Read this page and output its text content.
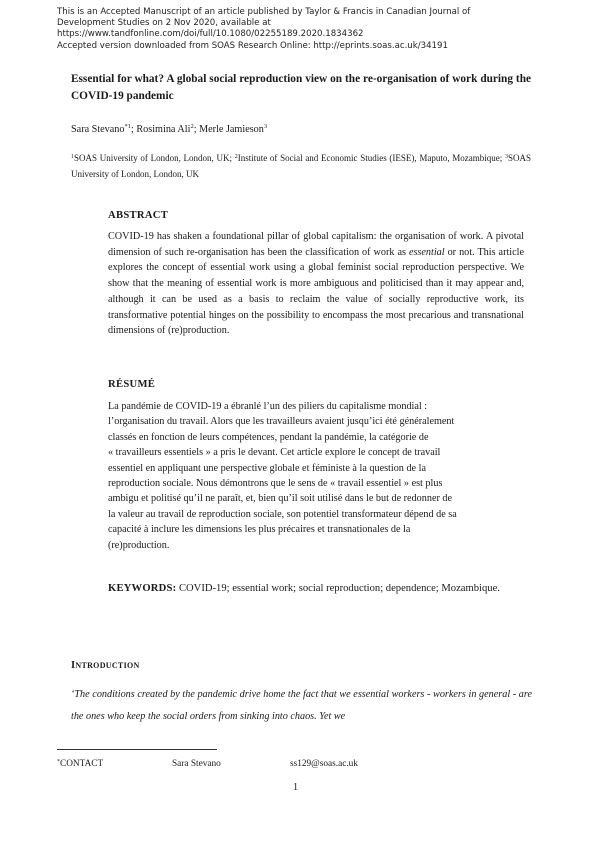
This is an Accepted Manuscript of an article published by Taylor & Francis in Canadian Journal of
Development Studies on 2 Nov 2020, available at
https://www.tandfonline.com/doi/full/10.1080/02255189.2020.1834362
Accepted version downloaded from SOAS Research Online: http://eprints.soas.ac.uk/34191

Essential for what? A global social reproduction view on the re-organisation of work during the COVID-19 pandemic

Sara Stevano$^{*1}$; Rosimina Ali$^2$; Merle Jamieson$^3$
$^1$SOAS University of London, London, UK; $^2$Institute of Social and Economic Studies (IESE), Maputo, Mozambique; $^3$SOAS University of London, London, UK
ABSTRACT

COVID-19 has shaken a foundational pillar of global capitalism: the organisation of work. A pivotal dimension of such re-organisation has been the classification of work as essential or not. This article explores the concept of essential work using a global feminist social reproduction perspective. We show that the meaning of essential work is more ambiguous and politicised than it may appear and, although it can be used as a basis to reclaim the value of socially reproductive work, its transformative potential hinges on the possibility to encompass the most precarious and transnational dimensions of (re)production.

RÉSUMÉ
La pandémie de COVID-19 a ébranlé l’un des piliers du capitalisme mondial :
l’organisation du travail. Alors que les travailleurs avaient jusqu’ici été généralement
classés en fonction de leurs compétences, pendant la pandémie, la catégorie de
« travailleurs essentiels » a pris le devant. Cet article explore le concept de travail
essentiel en appliquant une perspective globale et féministe à la question de la
reproduction sociale. Nous démontrons que le sens de « travail essentiel » est plus
ambigu et politisé qu’il ne paraît, et, bien qu’il soit utilisé dans le but de redonner de
la valeur au travail de reproduction sociale, son potentiel transformateur dépend de sa
capacité à inclure les dimensions les plus précaires et transnationales de la
(re)production.
KEYWORDS: COVID-19; essential work; social reproduction; dependence; Mozambique.
INTRODUCTION

‘The conditions created by the pandemic drive home the fact that we essential workers - workers in general - are the ones who keep the social orders from sinking into chaos. Yet we

*CONTACT	Sara Stevano	ss129@soas.ac.uk
1
